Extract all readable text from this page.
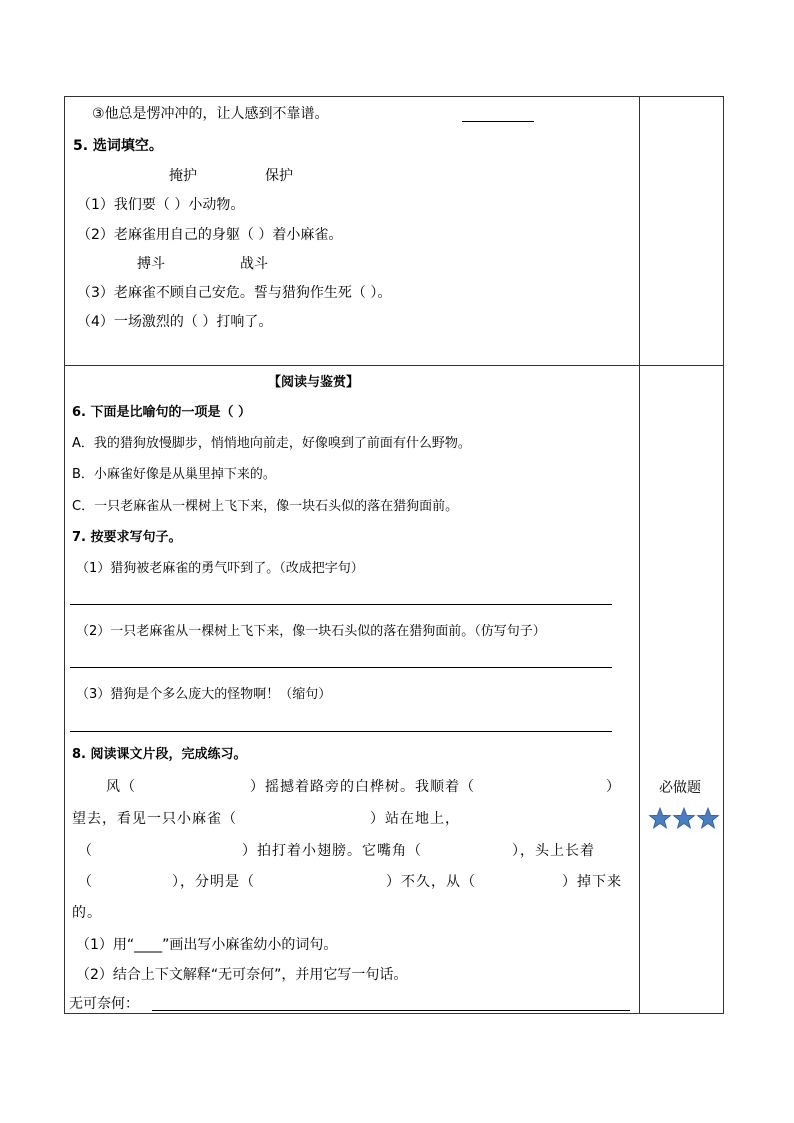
③他总是愣冲冲的，让人感到不靠谱。
5. 选词填空。
掩护	保护
（1）我们要（ ）小动物。
（2）老麻雀用自己的身躯（ ）着小麻雀。
搏斗	战斗
（3）老麻雀不顾自己安危。誓与猎狗作生死（ ）。
（4）一场激烈的（ ）打响了。
【阅读与鉴赏】
6. 下面是比喻句的一项是（ ）
A．我的猎狗放慢脚步，悄悄地向前走，好像嗅到了前面有什么野物。
B．小麻雀好像是从巢里掉下来的。
C．一只老麻雀从一棵树上飞下来，像一块石头似的落在猎狗面前。
7. 按要求写句子。
（1）猎狗被老麻雀的勇气吓到了。（改成把字句）
（2）一只老麻雀从一棵树上飞下来，像一块石头似的落在猎狗面前。（仿写句子）
（3）猎狗是个多么庞大的怪物啊！（缩句）
8. 阅读课文片段，完成练习。
风（	）摇撼着路旁的白桦树。我顺着（	）
望去，看见一只小麻雀（	）站在地上，
（	）拍打着小翅膀。它嘴角（	），头上长着
（	），分明是（	）不久，从（	）掉下来
的。
（1）用“____”画出写小麻雀幼小的词句。
（2）结合上下文解释“无可奈何”，并用它写一句话。
无可奈何：
必做题
